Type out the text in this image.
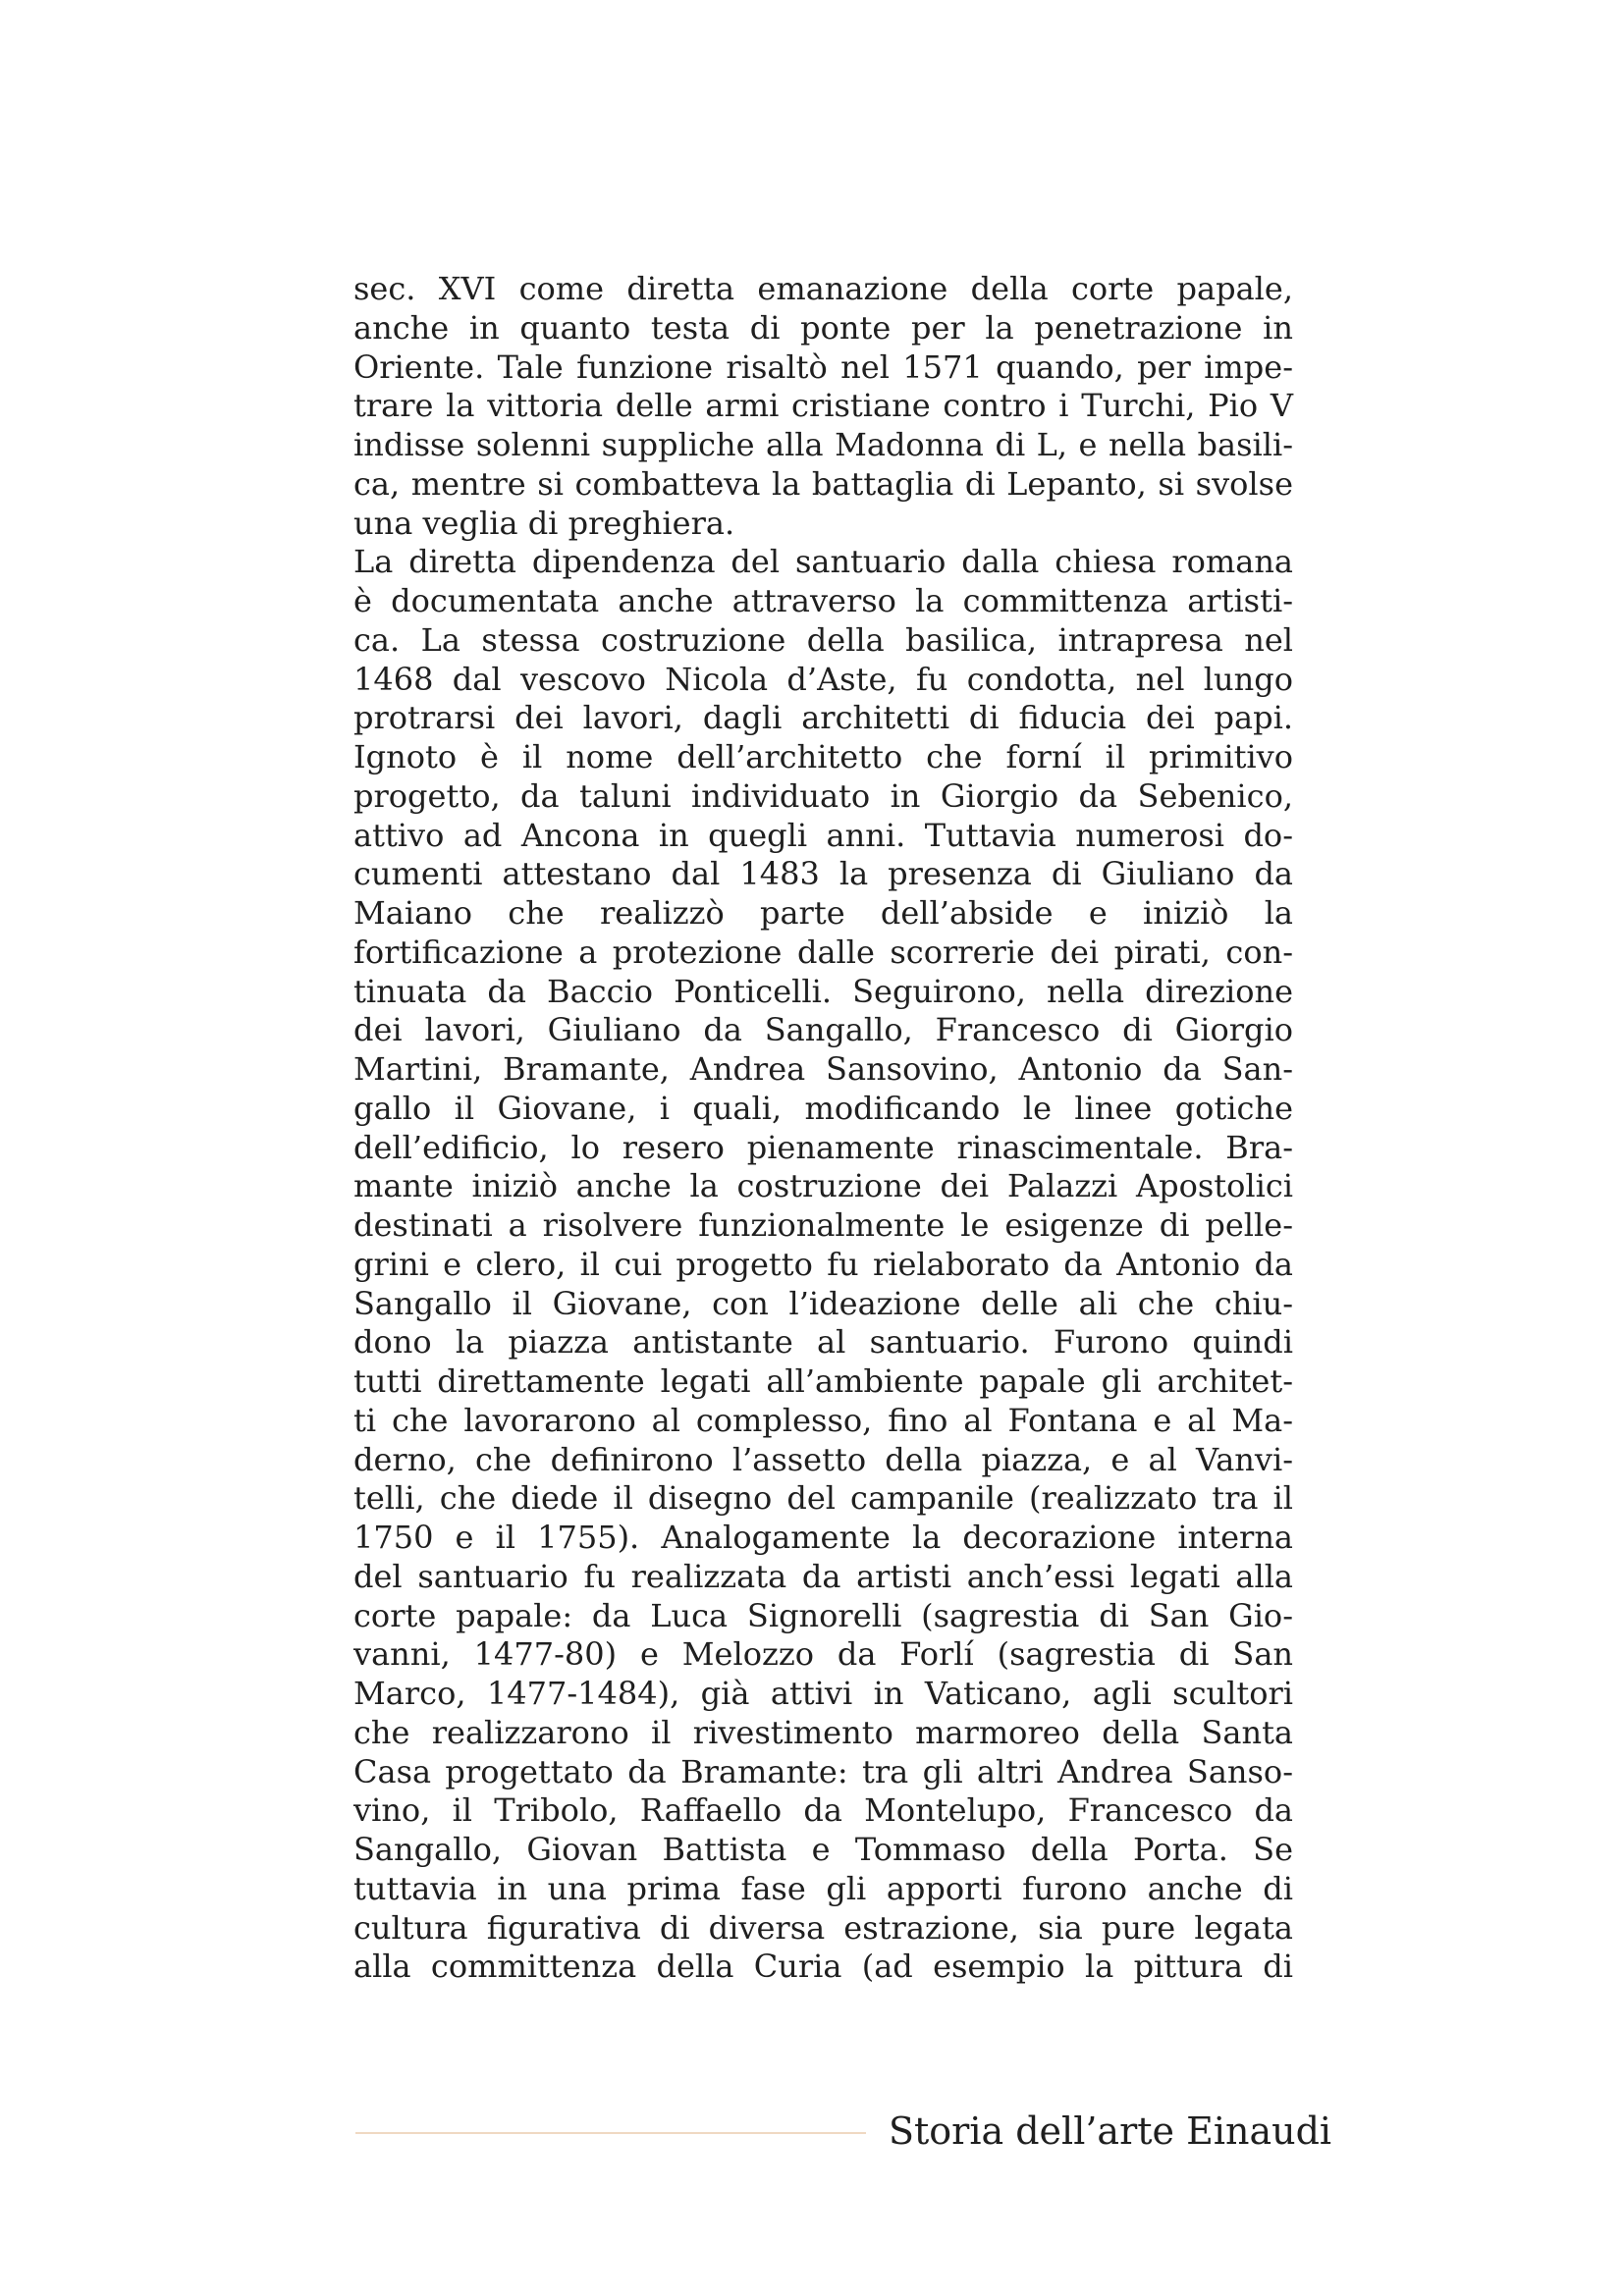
sec. XVI come diretta emanazione della corte papale,
anche in quanto testa di ponte per la penetrazione in
Oriente. Tale funzione risaltò nel 1571 quando, per impe-
trare la vittoria delle armi cristiane contro i Turchi, Pio V
indisse solenni suppliche alla Madonna di L, e nella basili-
ca, mentre si combatteva la battaglia di Lepanto, si svolse
una veglia di preghiera.
La diretta dipendenza del santuario dalla chiesa romana
è documentata anche attraverso la committenza artisti-
ca. La stessa costruzione della basilica, intrapresa nel
1468 dal vescovo Nicola d’Aste, fu condotta, nel lungo
protrarsi dei lavori, dagli architetti di fiducia dei papi.
Ignoto è il nome dell’architetto che forní il primitivo
progetto, da taluni individuato in Giorgio da Sebenico,
attivo ad Ancona in quegli anni. Tuttavia numerosi do-
cumenti attestano dal 1483 la presenza di Giuliano da
Maiano che realizzò parte dell’abside e iniziò la
fortificazione a protezione dalle scorrerie dei pirati, con-
tinuata da Baccio Ponticelli. Seguirono, nella direzione
dei lavori, Giuliano da Sangallo, Francesco di Giorgio
Martini, Bramante, Andrea Sansovino, Antonio da San-
gallo il Giovane, i quali, modificando le linee gotiche
dell’edificio, lo resero pienamente rinascimentale. Bra-
mante iniziò anche la costruzione dei Palazzi Apostolici
destinati a risolvere funzionalmente le esigenze di pelle-
grini e clero, il cui progetto fu rielaborato da Antonio da
Sangallo il Giovane, con l’ideazione delle ali che chiu-
dono la piazza antistante al santuario. Furono quindi
tutti direttamente legati all’ambiente papale gli architet-
ti che lavorarono al complesso, fino al Fontana e al Ma-
derno, che definirono l’assetto della piazza, e al Vanvi-
telli, che diede il disegno del campanile (realizzato tra il
1750 e il 1755). Analogamente la decorazione interna
del santuario fu realizzata da artisti anch’essi legati alla
corte papale: da Luca Signorelli (sagrestia di San Gio-
vanni, 1477-80) e Melozzo da Forlí (sagrestia di San
Marco, 1477-1484), già attivi in Vaticano, agli scultori
che realizzarono il rivestimento marmoreo della Santa
Casa progettato da Bramante: tra gli altri Andrea Sanso-
vino, il Tribolo, Raffaello da Montelupo, Francesco da
Sangallo, Giovan Battista e Tommaso della Porta. Se
tuttavia in una prima fase gli apporti furono anche di
cultura figurativa di diversa estrazione, sia pure legata
alla committenza della Curia (ad esempio la pittura di
Storia dell’arte Einaudi
